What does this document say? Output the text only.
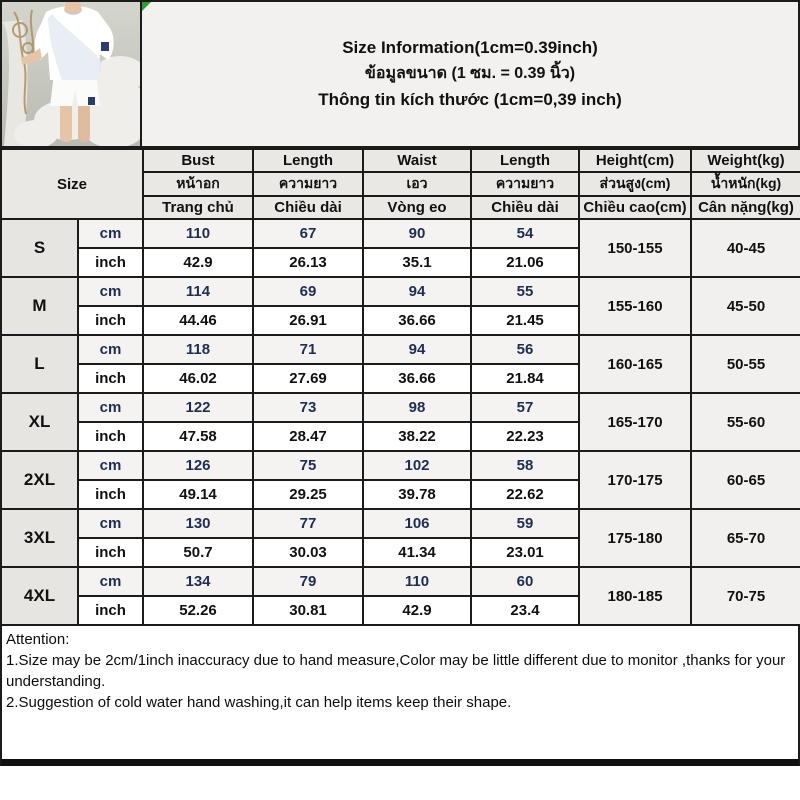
Size Information(1cm=0.39inch)
ข้อมูลขนาด (1 ซม. = 0.39 นิ้ว)
Thông tin kích thước (1cm=0,39 inch)
Size		Bust	Length	Waist	Length	Height(cm)	Weight(kg)
		หน้าอก	ความยาว	เอว	ความยาว	ส่วนสูง(cm)	น้ำหนัก(kg)
		Trang chủ	Chiều dài	Vòng eo	Chiều dài	Chiều cao(cm)	Cân nặng(kg)
S	cm	110	67	90	54	150-155	40-45
	inch	42.9	26.13	35.1	21.06		
M	cm	114	69	94	55	155-160	45-50
	inch	44.46	26.91	36.66	21.45		
L	cm	118	71	94	56	160-165	50-55
	inch	46.02	27.69	36.66	21.84		
XL	cm	122	73	98	57	165-170	55-60
	inch	47.58	28.47	38.22	22.23		
2XL	cm	126	75	102	58	170-175	60-65
	inch	49.14	29.25	39.78	22.62		
3XL	cm	130	77	106	59	175-180	65-70
	inch	50.7	30.03	41.34	23.01		
4XL	cm	134	79	110	60	180-185	70-75
	inch	52.26	30.81	42.9	23.4		

Attention:

1.Size may be 2cm/1inch inaccuracy due to hand measure,Color may be little different due to monitor ,thanks for your understanding.

2.Suggestion of cold water hand washing,it can help items keep their shape.
